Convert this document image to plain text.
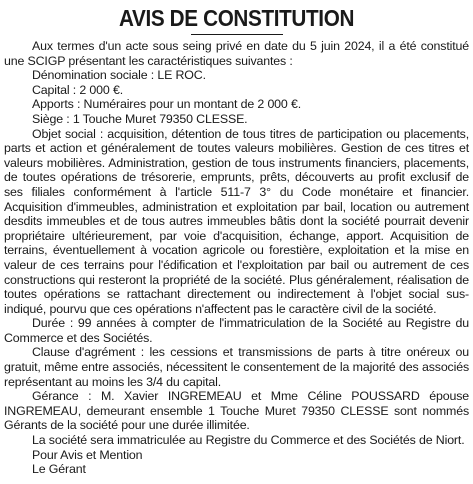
AVIS DE CONSTITUTION

Aux termes d'un acte sous seing privé en date du 5 juin 2024, il a été constitué une SCIGP présentant les caractéristiques suivantes :

Dénomination sociale : LE ROC.

Capital : 2 000 €.

Apports : Numéraires pour un montant de 2 000 €.

Siège : 1 Touche Muret 79350 CLESSE.

Objet social : acquisition, détention de tous titres de participation ou placements, parts et action et généralement de toutes valeurs mobilières. Gestion de ces titres et valeurs mobilières. Administration, gestion de tous instruments financiers, placements, de toutes opérations de trésorerie, emprunts, prêts, découverts au profit exclusif de ses filiales conformément à l'article 511-7 3° du Code monétaire et financier. Acquisition d'immeubles, administration et exploitation par bail, location ou autrement desdits immeubles et de tous autres immeubles bâtis dont la société pourrait devenir propriétaire ultérieurement, par voie d'acquisition, échange, apport. Acquisition de terrains, éventuellement à vocation agricole ou forestière, exploitation et la mise en valeur de ces terrains pour l'édification et l'exploitation par bail ou autrement de ces constructions qui resteront la propriété de la société. Plus généralement, réalisation de toutes opérations se rattachant directement ou indirectement à l'objet social sus-indiqué, pourvu que ces opérations n'affectent pas le caractère civil de la société.

Durée : 99 années à compter de l'immatriculation de la Société au Registre du Commerce et des Sociétés.

Clause d'agrément : les cessions et transmissions de parts à titre onéreux ou gratuit, même entre associés, nécessitent le consentement de la majorité des associés représentant au moins les 3/4 du capital.

Gérance : M. Xavier INGREMEAU et Mme Céline POUSSARD épouse INGREMEAU, demeurant ensemble 1 Touche Muret 79350 CLESSE sont nommés Gérants de la société pour une durée illimitée.

La société sera immatriculée au Registre du Commerce et des Sociétés de Niort.

Pour Avis et Mention

Le Gérant
